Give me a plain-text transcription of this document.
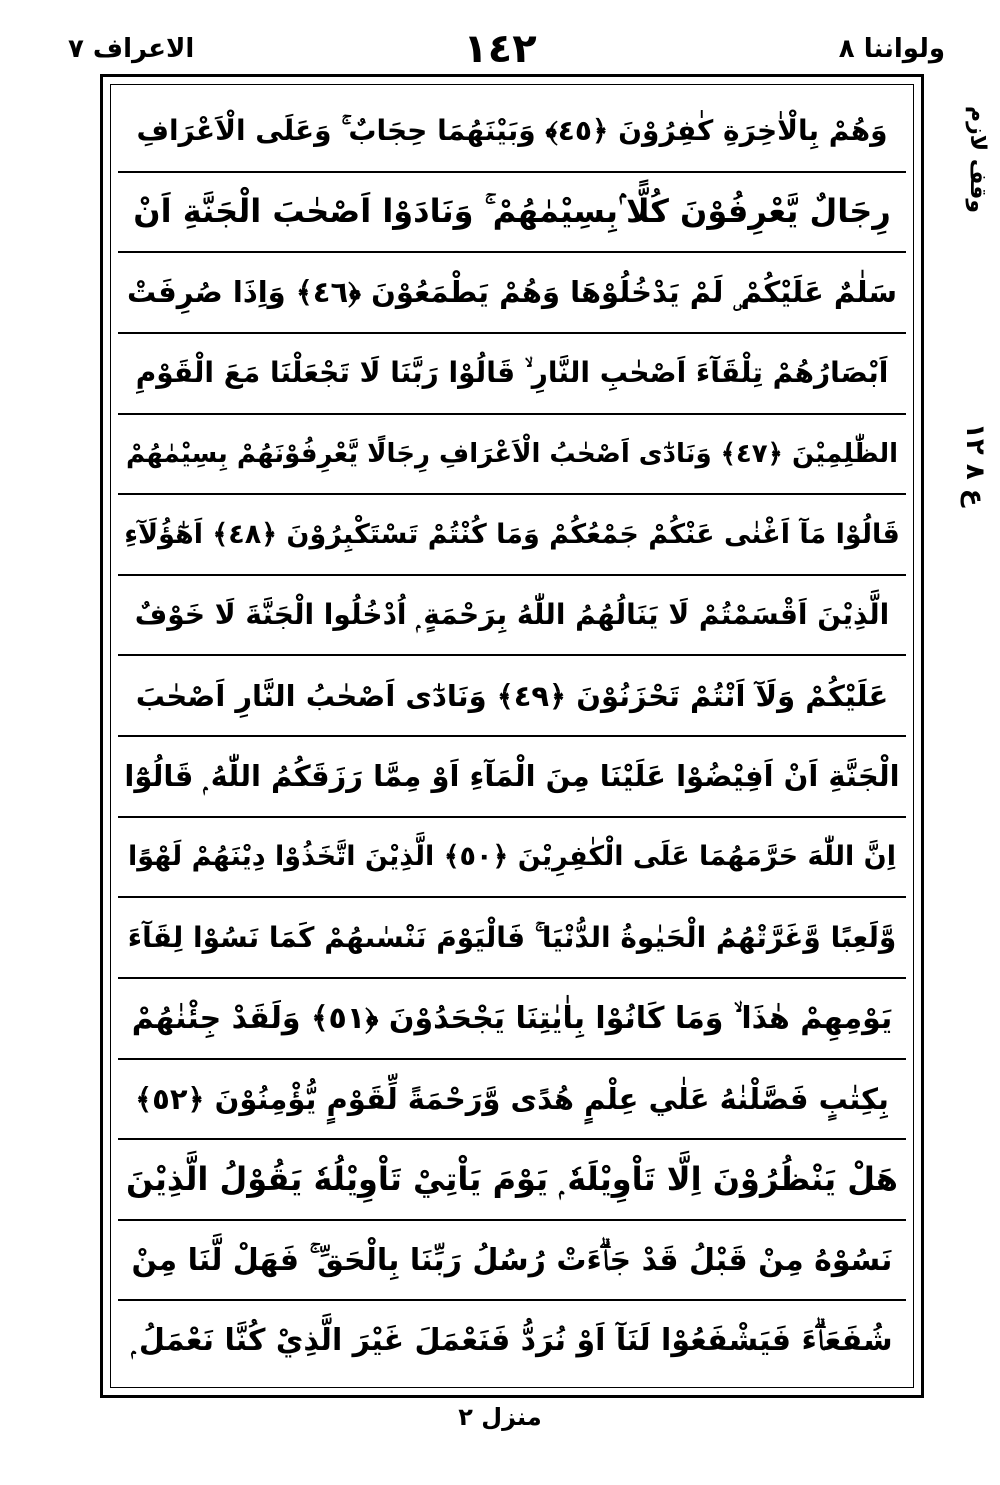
ولواننا ۸
١٤٢
الاعراف ۷
وَهُمْ بِالْاٰخِرَةِ كٰفِرُوْنَ ﴿٤٥﴾ وَبَيْنَهُمَا حِجَابٌ ۚ وَعَلَى الْاَعْرَافِ
رِجَالٌ يَّعْرِفُوْنَ كُلًّا ۢبِسِيْمٰهُمْ ۚ وَنَادَوْا اَصْحٰبَ الْجَنَّةِ اَنْ
سَلٰمٌ عَلَيْكُمْ ۣ لَمْ يَدْخُلُوْهَا وَهُمْ يَطْمَعُوْنَ ﴿٤٦﴾ وَاِذَا صُرِفَتْ
اَبْصَارُهُمْ تِلْقَآءَ اَصْحٰبِ النَّارِ ۙ قَالُوْا رَبَّنَا لَا تَجْعَلْنَا مَعَ الْقَوْمِ
الظّٰلِمِيْنَ ﴿٤٧﴾ وَنَادٰٓى اَصْحٰبُ الْاَعْرَافِ رِجَالًا يَّعْرِفُوْنَهُمْ بِسِيْمٰهُمْ
قَالُوْا مَآ اَغْنٰى عَنْكُمْ جَمْعُكُمْ وَمَا كُنْتُمْ تَسْتَكْبِرُوْنَ ﴿٤٨﴾ اَهٰٓؤُلَآءِ
الَّذِيْنَ اَقْسَمْتُمْ لَا يَنَالُهُمُ اللّٰهُ بِرَحْمَةٍ ۭ اُدْخُلُوا الْجَنَّةَ لَا خَوْفٌ
عَلَيْكُمْ وَلَآ اَنْتُمْ تَحْزَنُوْنَ ﴿٤٩﴾ وَنَادٰٓى اَصْحٰبُ النَّارِ اَصْحٰبَ
الْجَنَّةِ اَنْ اَفِيْضُوْا عَلَيْنَا مِنَ الْمَآءِ اَوْ مِمَّا رَزَقَكُمُ اللّٰهُ ۭ قَالُوْٓا
اِنَّ اللّٰهَ حَرَّمَهُمَا عَلَى الْكٰفِرِيْنَ ﴿٥٠﴾ الَّذِيْنَ اتَّخَذُوْا دِيْنَهُمْ لَهْوًا
وَّلَعِبًا وَّغَرَّتْهُمُ الْحَيٰوةُ الدُّنْيَا ۚ فَالْيَوْمَ نَنْسٰىهُمْ كَمَا نَسُوْا لِقَآءَ
يَوْمِهِمْ هٰذَا ۙ وَمَا كَانُوْا بِاٰيٰتِنَا يَجْحَدُوْنَ ﴿٥١﴾ وَلَقَدْ جِئْنٰهُمْ
بِكِتٰبٍ فَصَّلْنٰهُ عَلٰي عِلْمٍ هُدًى وَّرَحْمَةً لِّقَوْمٍ يُّؤْمِنُوْنَ ﴿٥٢﴾
هَلْ يَنْظُرُوْنَ اِلَّا تَاْوِيْلَهٗ ۭ يَوْمَ يَاْتِيْ تَاْوِيْلُهٗ يَقُوْلُ الَّذِيْنَ
نَسُوْهُ مِنْ قَبْلُ قَدْ جَاۗءَتْ رُسُلُ رَبِّنَا بِالْحَقِّ ۚ فَهَلْ لَّنَا مِنْ
شُفَعَاۗءَ فَيَشْفَعُوْا لَنَآ اَوْ نُرَدُّ فَنَعْمَلَ غَيْرَ الَّذِيْ كُنَّا نَعْمَلُ ۭ
وقف لازم
ع ۸ ۱۲
منزل ٢
